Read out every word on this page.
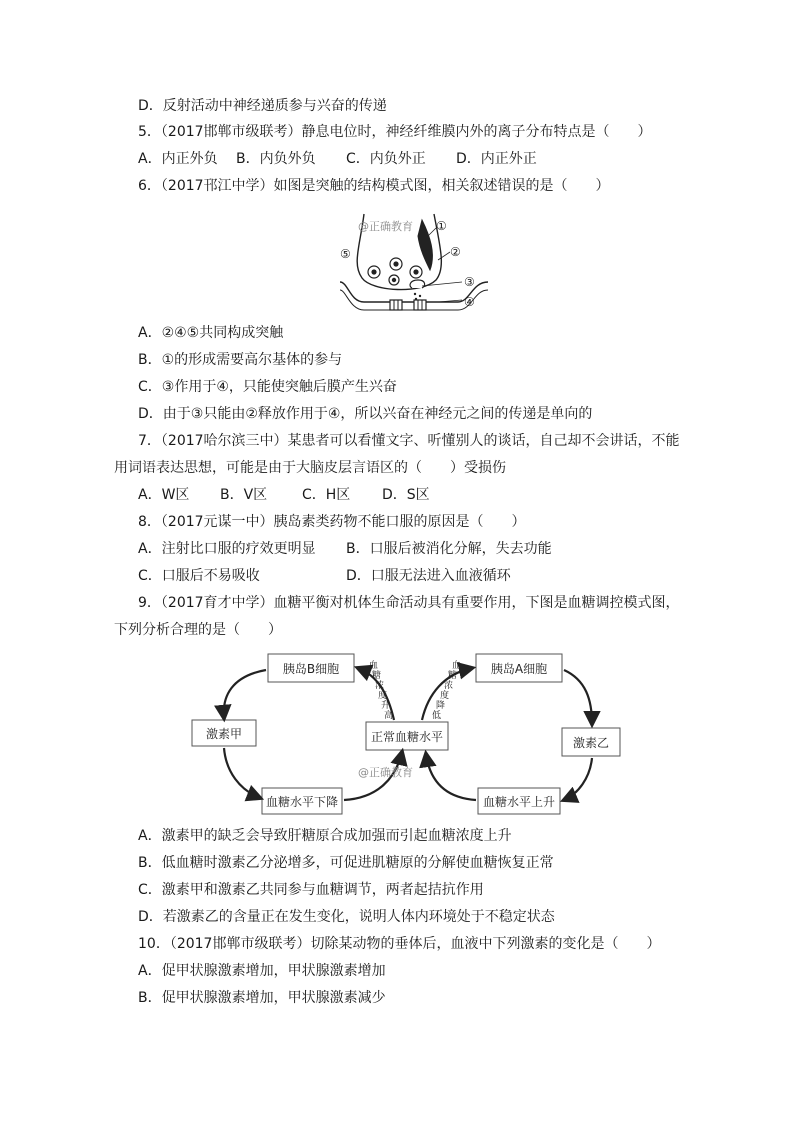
D．反射活动中神经递质参与兴奋的传递
5．（2017邯郸市级联考）静息电位时，神经纤维膜内外的离子分布特点是（　　）
A．内正外负 B．内负外负 C．内负外正 D．内正外正
6．（2017邗江中学）如图是突触的结构模式图，相关叙述错误的是（　　）
@正确教育 ①
②
③
④
⑤
A．②④⑤共同构成突触
B．①的形成需要高尔基体的参与
C．③作用于④，只能使突触后膜产生兴奋
D．由于③只能由②释放作用于④，所以兴奋在神经元之间的传递是单向的
7．（2017哈尔滨三中）某患者可以看懂文字、听懂别人的谈话，自己却不会讲话，不能
用词语表达思想，可能是由于大脑皮层言语区的（　　）受损伤
A．W区 B．V区 C．H区 D．S区
8．（2017元谋一中）胰岛素类药物不能口服的原因是（　　）
A．注射比口服的疗效更明显 B．口服后被消化分解，失去功能
C．口服后不易吸收	D．口服无法进入血液循环
9．（2017育才中学）血糖平衡对机体生命活动具有重要作用，下图是血糖调控模式图，
下列分析合理的是（　　）
胰岛B细胞	胰岛A细胞
激素甲	正常血糖水平	激素乙
血糖水平下降	血糖水平上升
血
糖
浓
度
升
高
血
糖
浓
度
降
低
@正确教育
A．激素甲的缺乏会导致肝糖原合成加强而引起血糖浓度上升
B．低血糖时激素乙分泌增多，可促进肌糖原的分解使血糖恢复正常
C．激素甲和激素乙共同参与血糖调节，两者起拮抗作用
D．若激素乙的含量正在发生变化，说明人体内环境处于不稳定状态
10．（2017邯郸市级联考）切除某动物的垂体后，血液中下列激素的变化是（　　）
A．促甲状腺激素增加，甲状腺激素增加
B．促甲状腺激素增加，甲状腺激素减少
